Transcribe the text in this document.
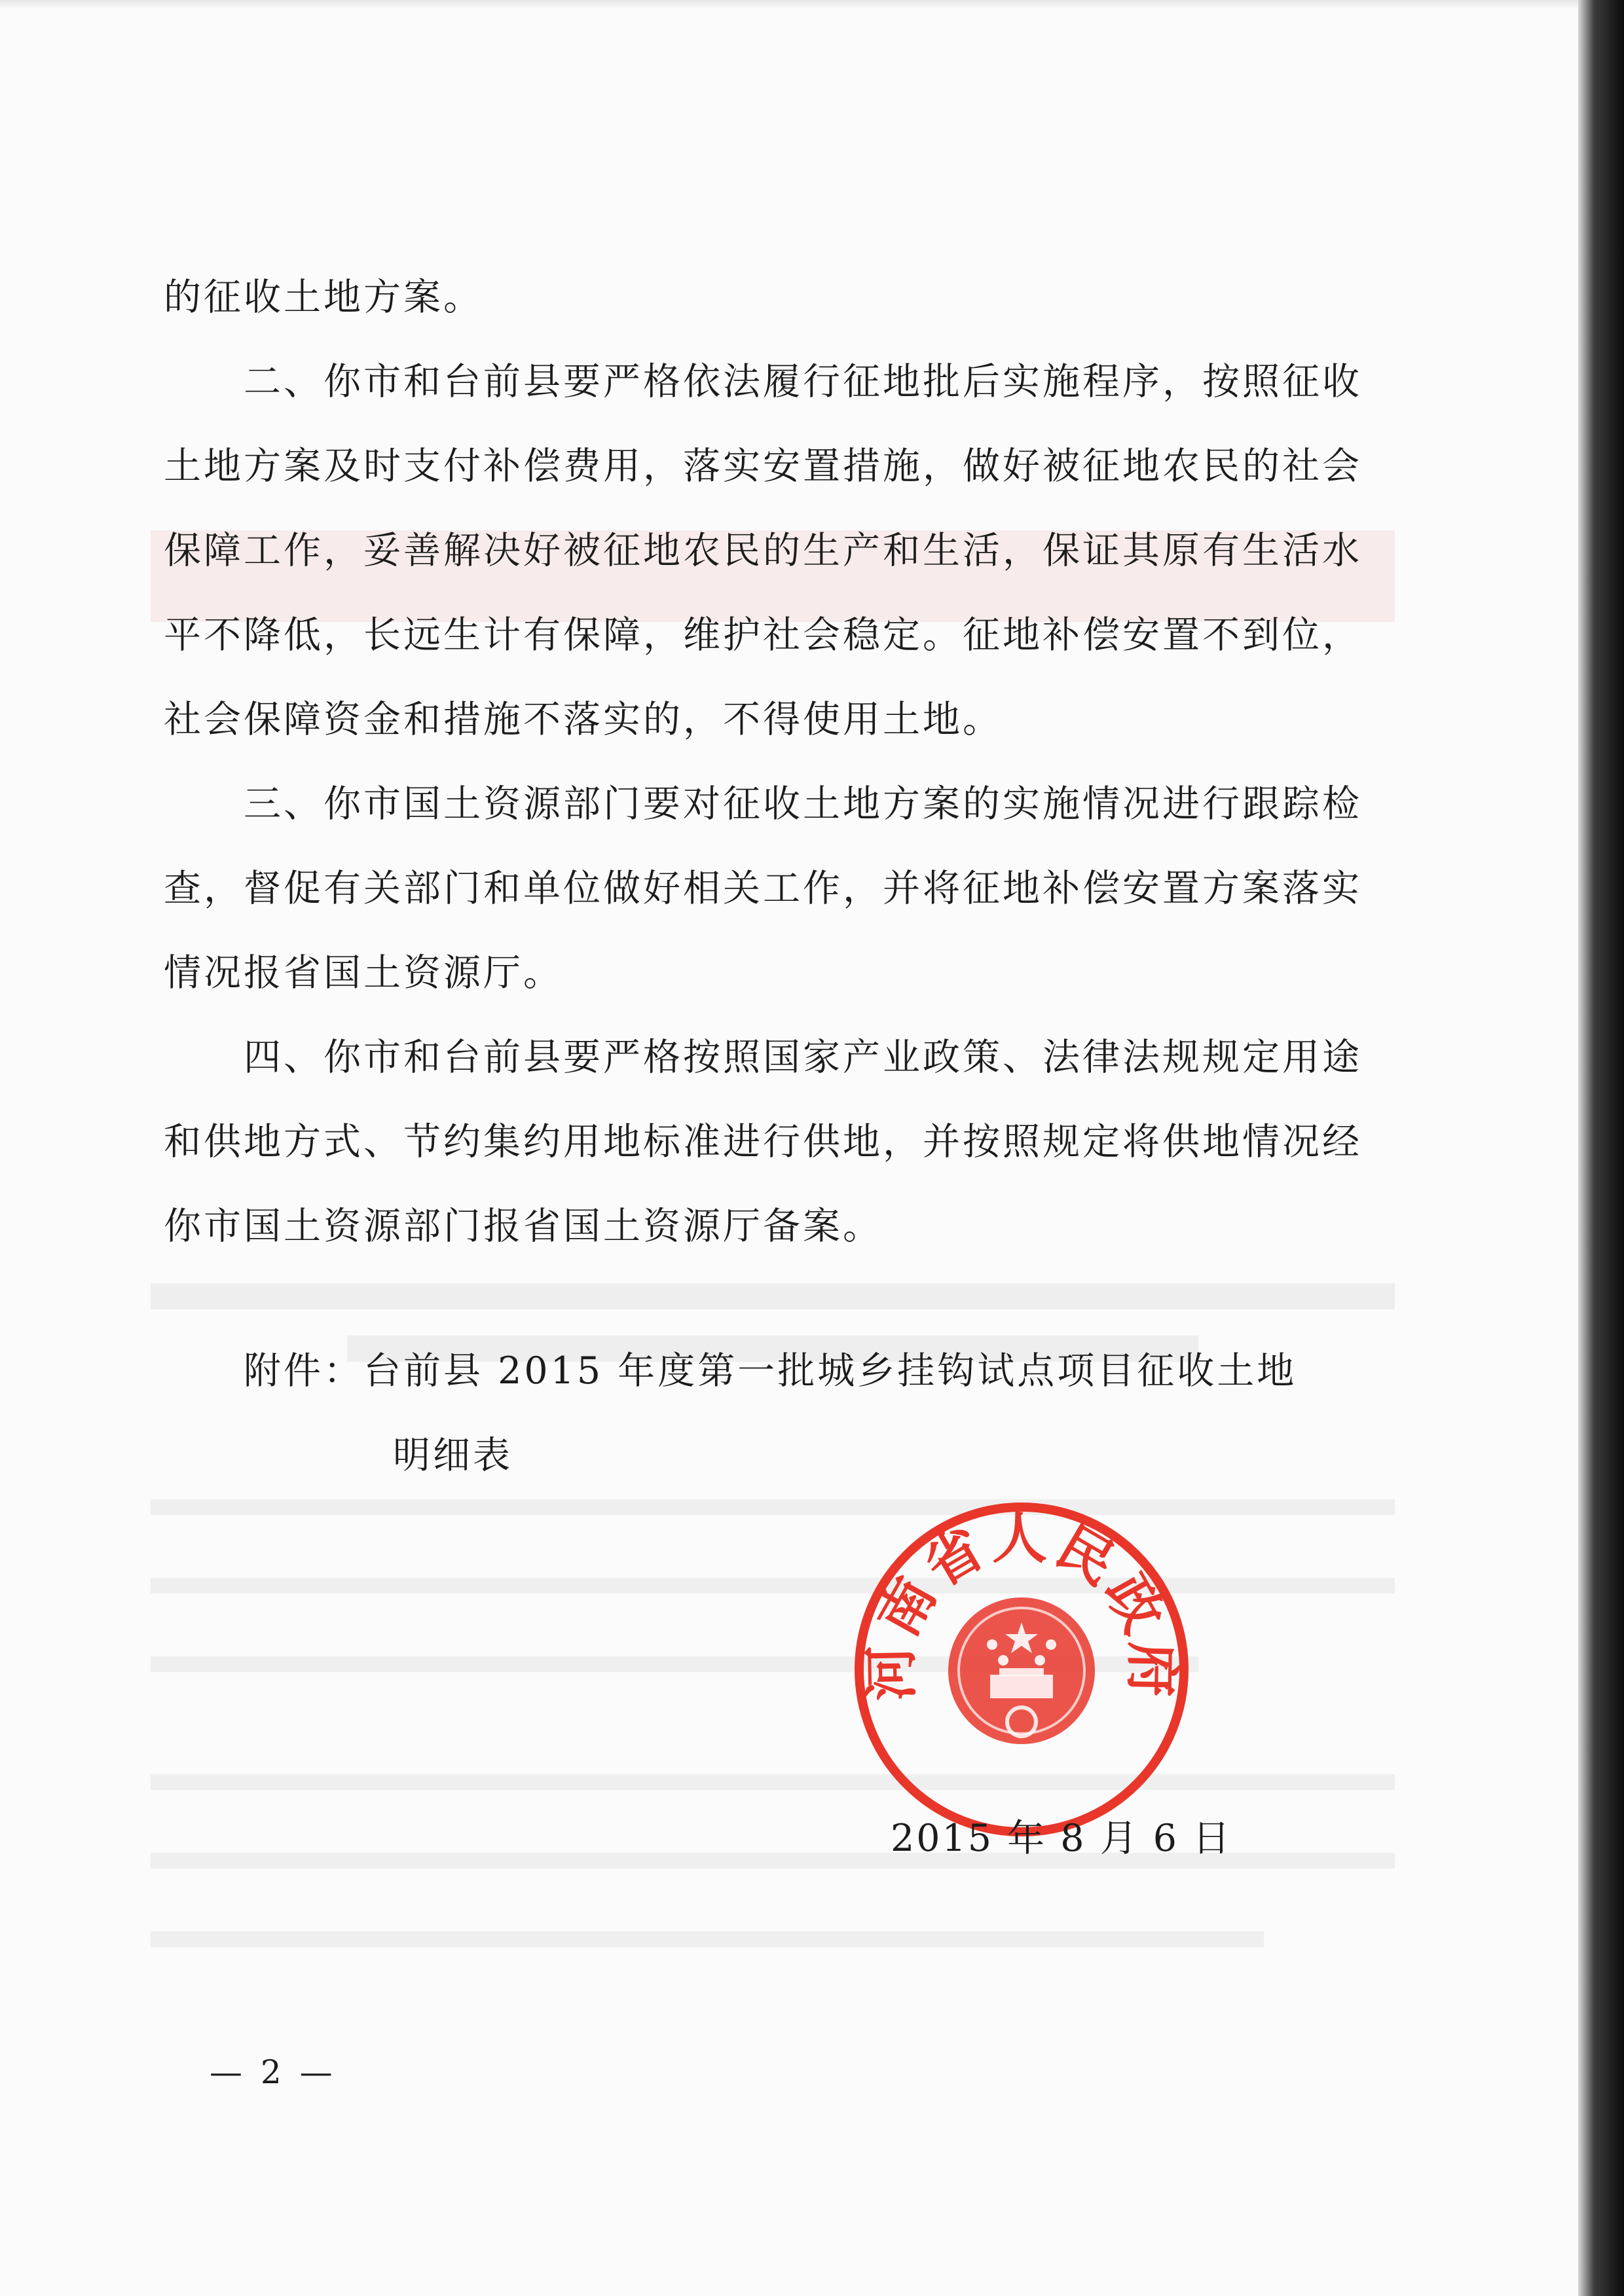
的征收土地方案。

二、你市和台前县要严格依法履行征地批后实施程序，按照征收土地方案及时支付补偿费用，落实安置措施，做好被征地农民的社会保障工作，妥善解决好被征地农民的生产和生活，保证其原有生活水平不降低，长远生计有保障，维护社会稳定。征地补偿安置不到位，社会保障资金和措施不落实的，不得使用土地。

三、你市国土资源部门要对征收土地方案的实施情况进行跟踪检查，督促有关部门和单位做好相关工作，并将征地补偿安置方案落实情况报省国土资源厅。

四、你市和台前县要严格按照国家产业政策、法律法规规定用途和供地方式、节约集约用地标准进行供地，并按照规定将供地情况经你市国土资源部门报省国土资源厅备案。

附件：台前县 2015 年度第一批城乡挂钩试点项目征收土地
明细表
河南省人民政府
2015 年 8 月 6 日
— 2 —
